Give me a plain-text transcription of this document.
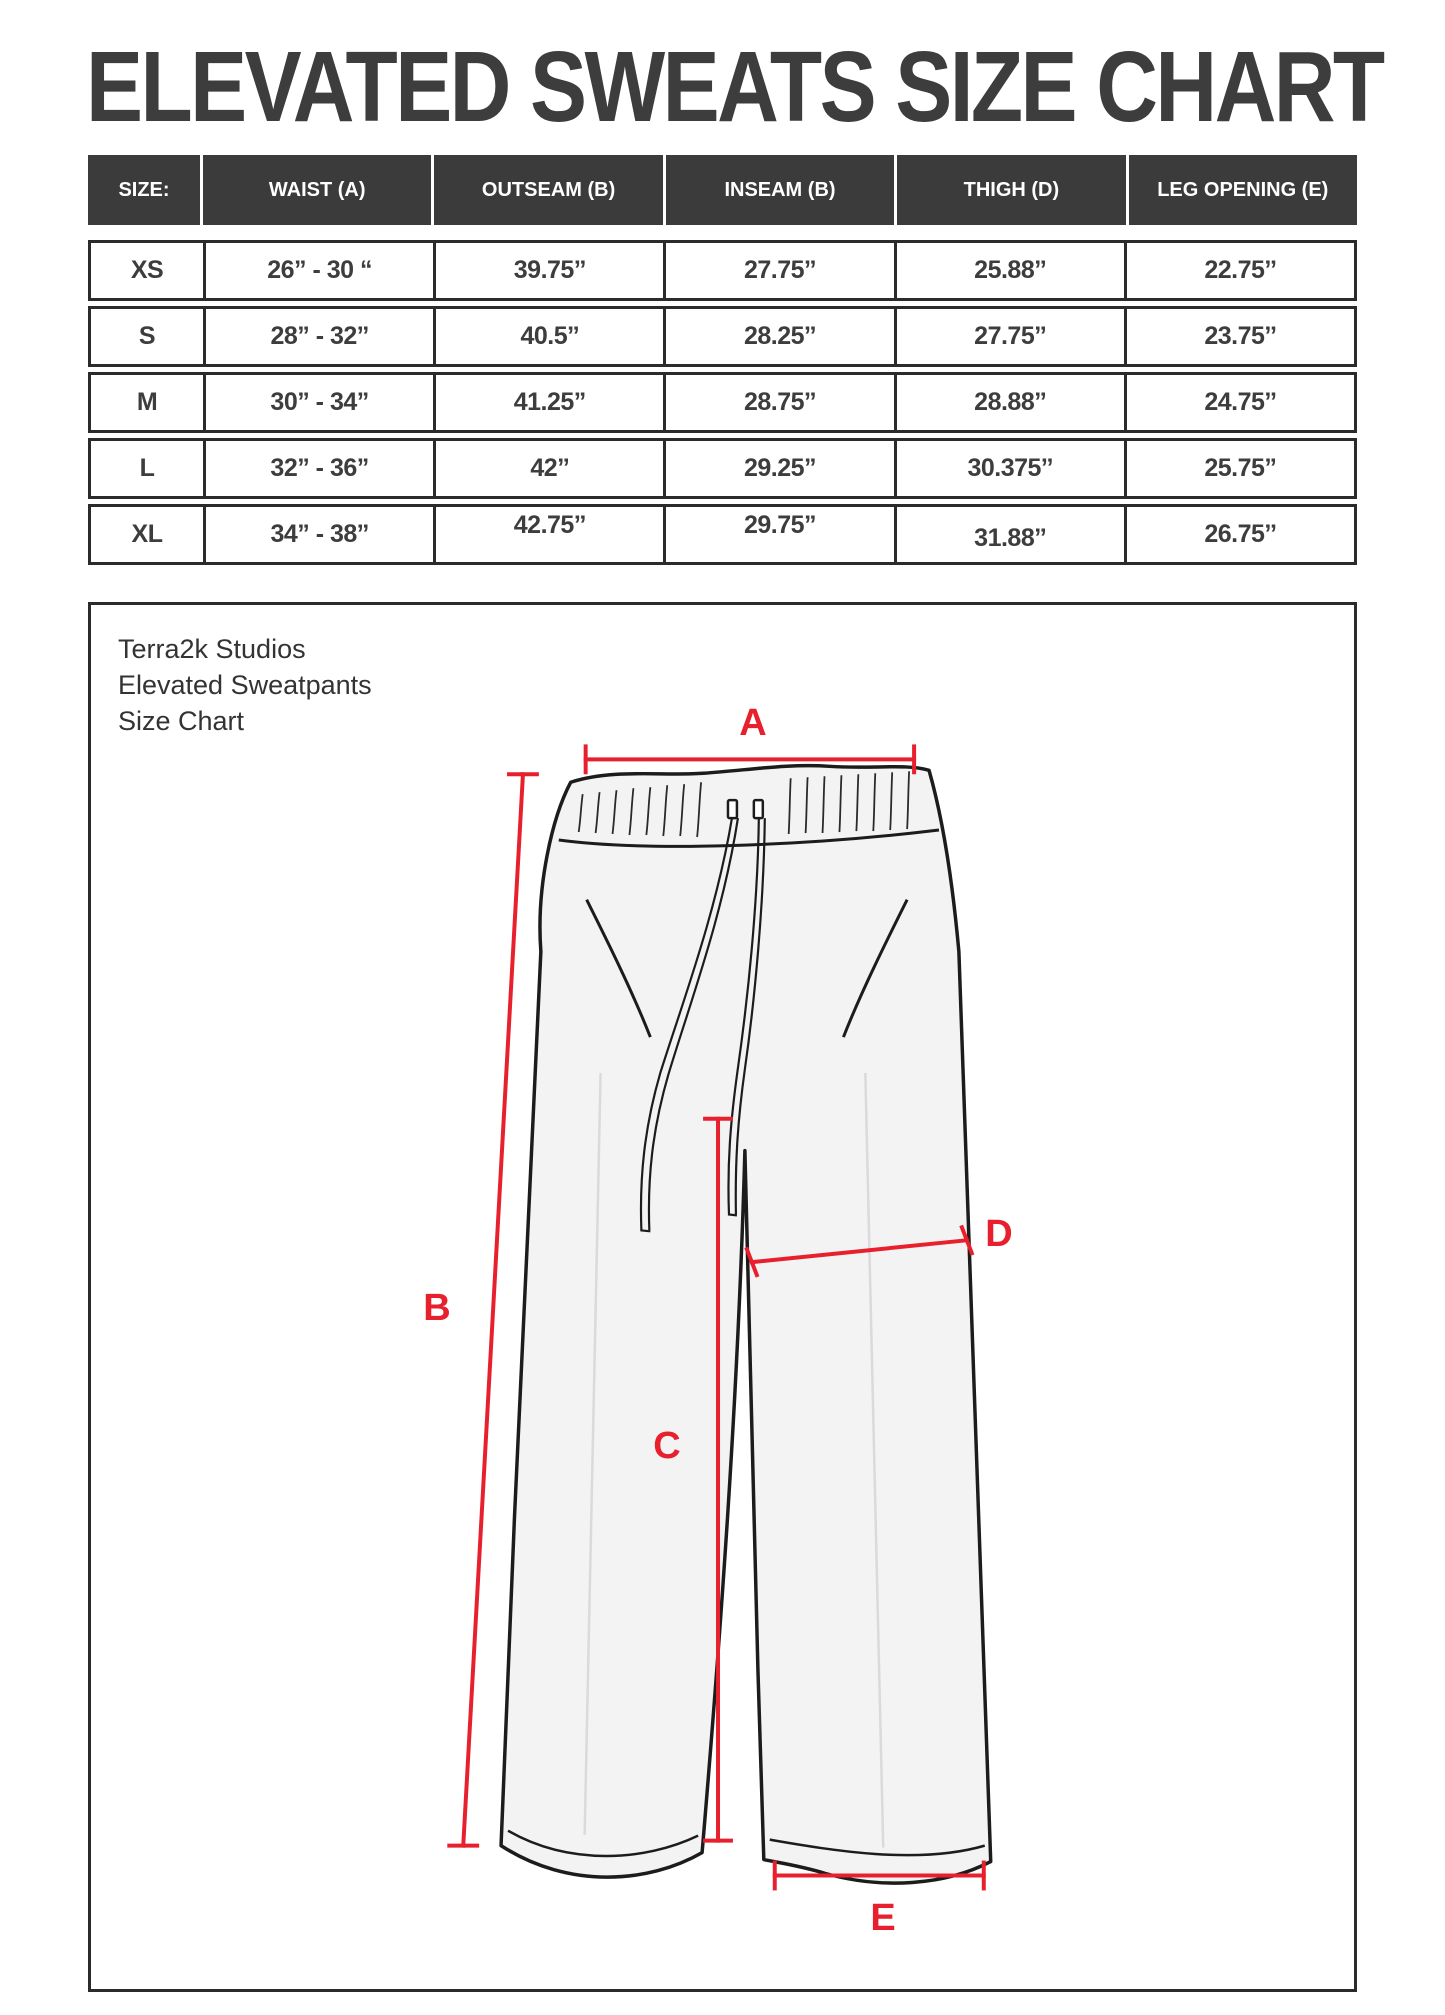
ELEVATED SWEATS SIZE CHART
SIZE:	WAIST (A)	OUTSEAM (B)	INSEAM (B)	THIGH (D)	LEG OPENING (E)
XS	26” - 30 “	39.75’’	27.75’’	25.88’’	22.75’’
S	28” - 32’’	40.5’’	28.25’’	27.75’’	23.75’’
M	30” - 34”	41.25”	28.75’’	28.88’’	24.75’’
L	32” - 36”	42’’	29.25”	30.375’’	25.75”
XL	34” - 38’’	42.75’’	29.75”	31.88’’	26.75’’
Terra2k Studios
Elevated Sweatpants
Size Chart	A
B
C
D
E
